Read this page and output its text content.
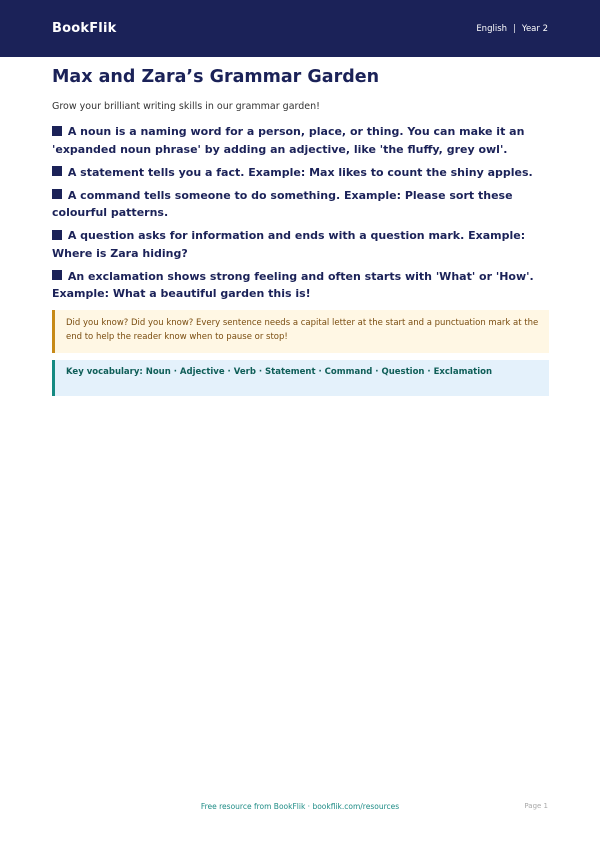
BookFlik	English | Year 2
Max and Zara’s Grammar Garden

Grow your brilliant writing skills in our grammar garden!

A noun is a naming word for a person, place, or thing. You can make it an 'expanded noun phrase' by adding an adjective, like 'the fluffy, grey owl'.
A statement tells you a fact. Example: Max likes to count the shiny apples.
A command tells someone to do something. Example: Please sort these colourful patterns.
A question asks for information and ends with a question mark. Example: Where is Zara hiding?
An exclamation shows strong feeling and often starts with 'What' or 'How'. Example: What a beautiful garden this is!
Did you know? Did you know? Every sentence needs a capital letter at the start and a punctuation mark at the end to help the reader know when to pause or stop!
Key vocabulary: Noun · Adjective · Verb · Statement · Command · Question · Exclamation
Free resource from BookFlik · bookflik.com/resources	Page 1
